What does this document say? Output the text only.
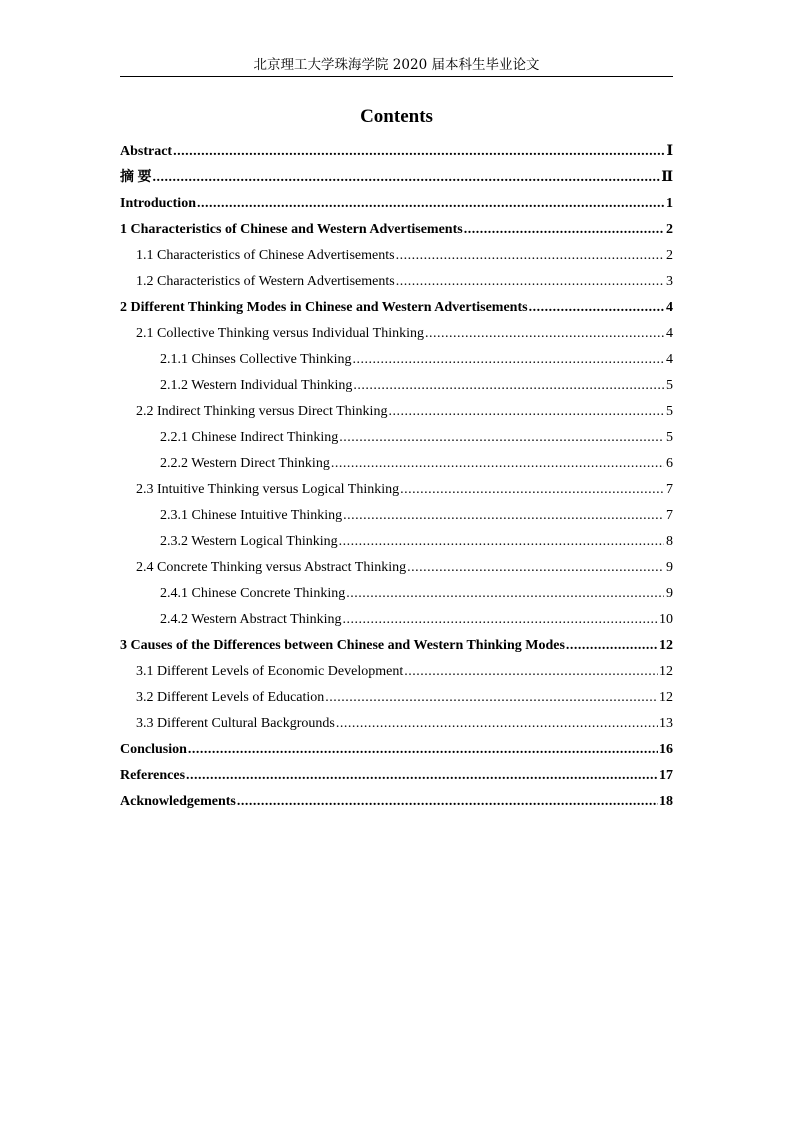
北京理工大学珠海学院 2020 届本科生毕业论文
Contents
Abstract .....	Ⅰ
摘 要 .....	Ⅱ
Introduction .....	1
1 Characteristics of Chinese and Western Advertisements .....	2
1.1 Characteristics of Chinese Advertisements .....	2
1.2 Characteristics of Western Advertisements .....	3
2 Different Thinking Modes in Chinese and Western Advertisements .....	4
2.1 Collective Thinking versus Individual Thinking .....	4
2.1.1 Chinses Collective Thinking .....	4
2.1.2 Western Individual Thinking .....	5
2.2 Indirect Thinking versus Direct Thinking .....	5
2.2.1 Chinese Indirect Thinking .....	5
2.2.2 Western Direct Thinking .....	6
2.3 Intuitive Thinking versus Logical Thinking .....	7
2.3.1 Chinese Intuitive Thinking .....	7
2.3.2 Western Logical Thinking .....	8
2.4 Concrete Thinking versus Abstract Thinking .....	9
2.4.1 Chinese Concrete Thinking .....	9
2.4.2 Western Abstract Thinking .....	10
3 Causes of the Differences between Chinese and Western Thinking Modes .....	12
3.1 Different Levels of Economic Development .....	12
3.2 Different Levels of Education .....	12
3.3 Different Cultural Backgrounds .....	13
Conclusion .....	16
References .....	17
Acknowledgements .....	18
